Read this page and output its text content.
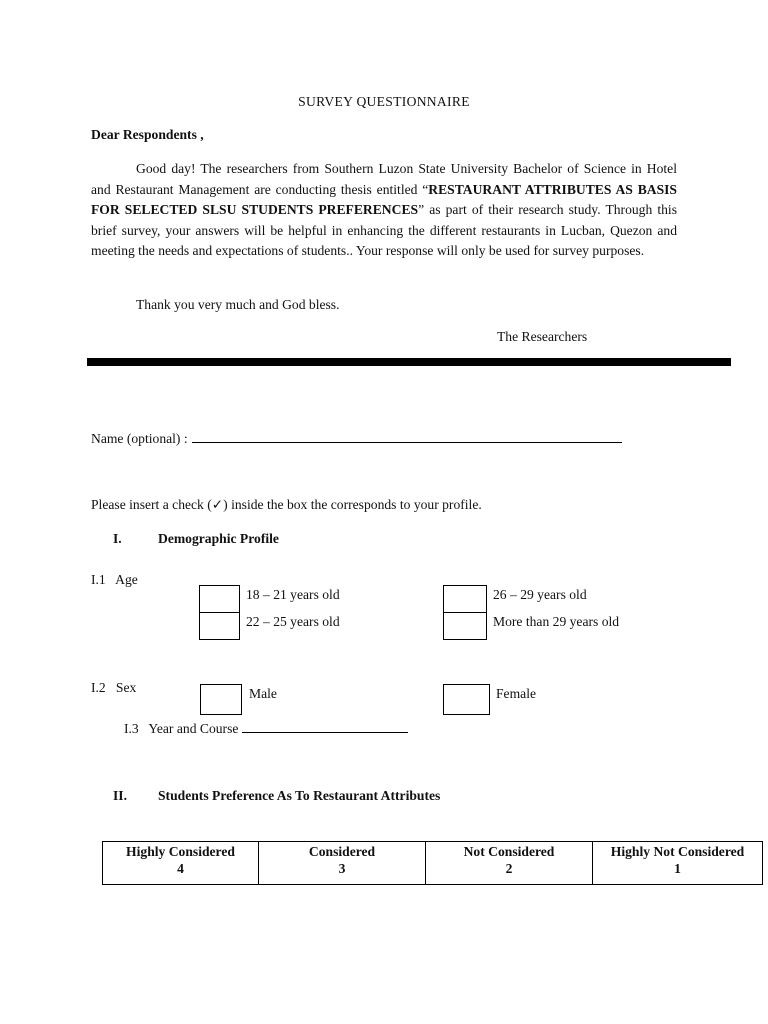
SURVEY QUESTIONNAIRE
Dear Respondents ,
Good day! The researchers from Southern Luzon State University Bachelor of Science in Hotel and Restaurant Management are conducting thesis entitled “RESTAURANT ATTRIBUTES AS BASIS FOR SELECTED SLSU STUDENTS PREFERENCES” as part of their research study. Through this brief survey, your answers will be helpful in enhancing the different restaurants in Lucban, Quezon and meeting the needs and expectations of students.. Your response will only be used for survey purposes.
Thank you very much and God bless.
The Researchers
Name (optional) :
Please insert a check (✓) inside the box the corresponds to your profile.
I.	Demographic Profile
I.1   Age
18 – 21 years old
22 – 25 years old
26 – 29 years old
More than 29 years old
I.2   Sex	Male	Female
I.3   Year and Course
II. Students Preference As To Restaurant Attributes
Highly Considered
4

Considered
3

Not Considered
2

Highly Not Considered
1
